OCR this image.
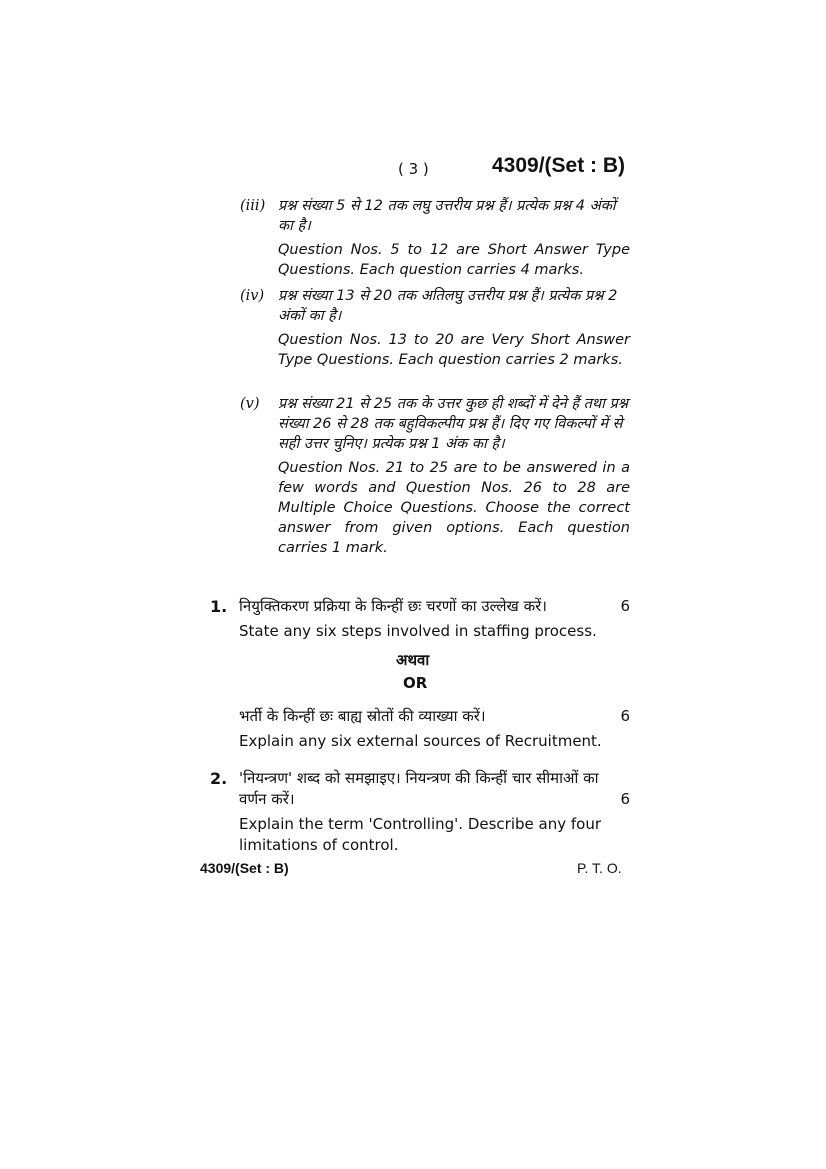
( 3 )	4309/(Set : B)
(iii) प्रश्न संख्या 5 से 12 तक लघु उत्तरीय प्रश्न हैं। प्रत्येक प्रश्न 4 अंकों का है।
Question Nos. 5 to 12 are Short Answer Type Questions. Each question carries 4 marks.
(iv) प्रश्न संख्या 13 से 20 तक अतिलघु उत्तरीय प्रश्न हैं। प्रत्येक प्रश्न 2 अंकों का है।
Question Nos. 13 to 20 are Very Short Answer Type Questions. Each question carries 2 marks.
(v) प्रश्न संख्या 21 से 25 तक के उत्तर कुछ ही शब्दों में देने हैं तथा प्रश्न संख्या 26 से 28 तक बहुविकल्पीय प्रश्न हैं। दिए गए विकल्पों में से सही उत्तर चुनिए। प्रत्येक प्रश्न 1 अंक का है।
Question Nos. 21 to 25 are to be answered in a few words and Question Nos. 26 to 28 are Multiple Choice Questions. Choose the correct answer from given options. Each question carries 1 mark.
1. नियुक्तिकरण प्रक्रिया के किन्हीं छः चरणों का उल्लेख करें।	6
State any six steps involved in staffing process.
अथवा
OR
भर्ती के किन्हीं छः बाह्य स्रोतों की व्याख्या करें।	6
Explain any six external sources of Recruitment.
2. 'नियन्त्रण' शब्द को समझाइए। नियन्त्रण की किन्हीं चार सीमाओं का वर्णन करें।	6
Explain the term 'Controlling'. Describe any four limitations of control.
4309/(Set : B)	P. T. O.
